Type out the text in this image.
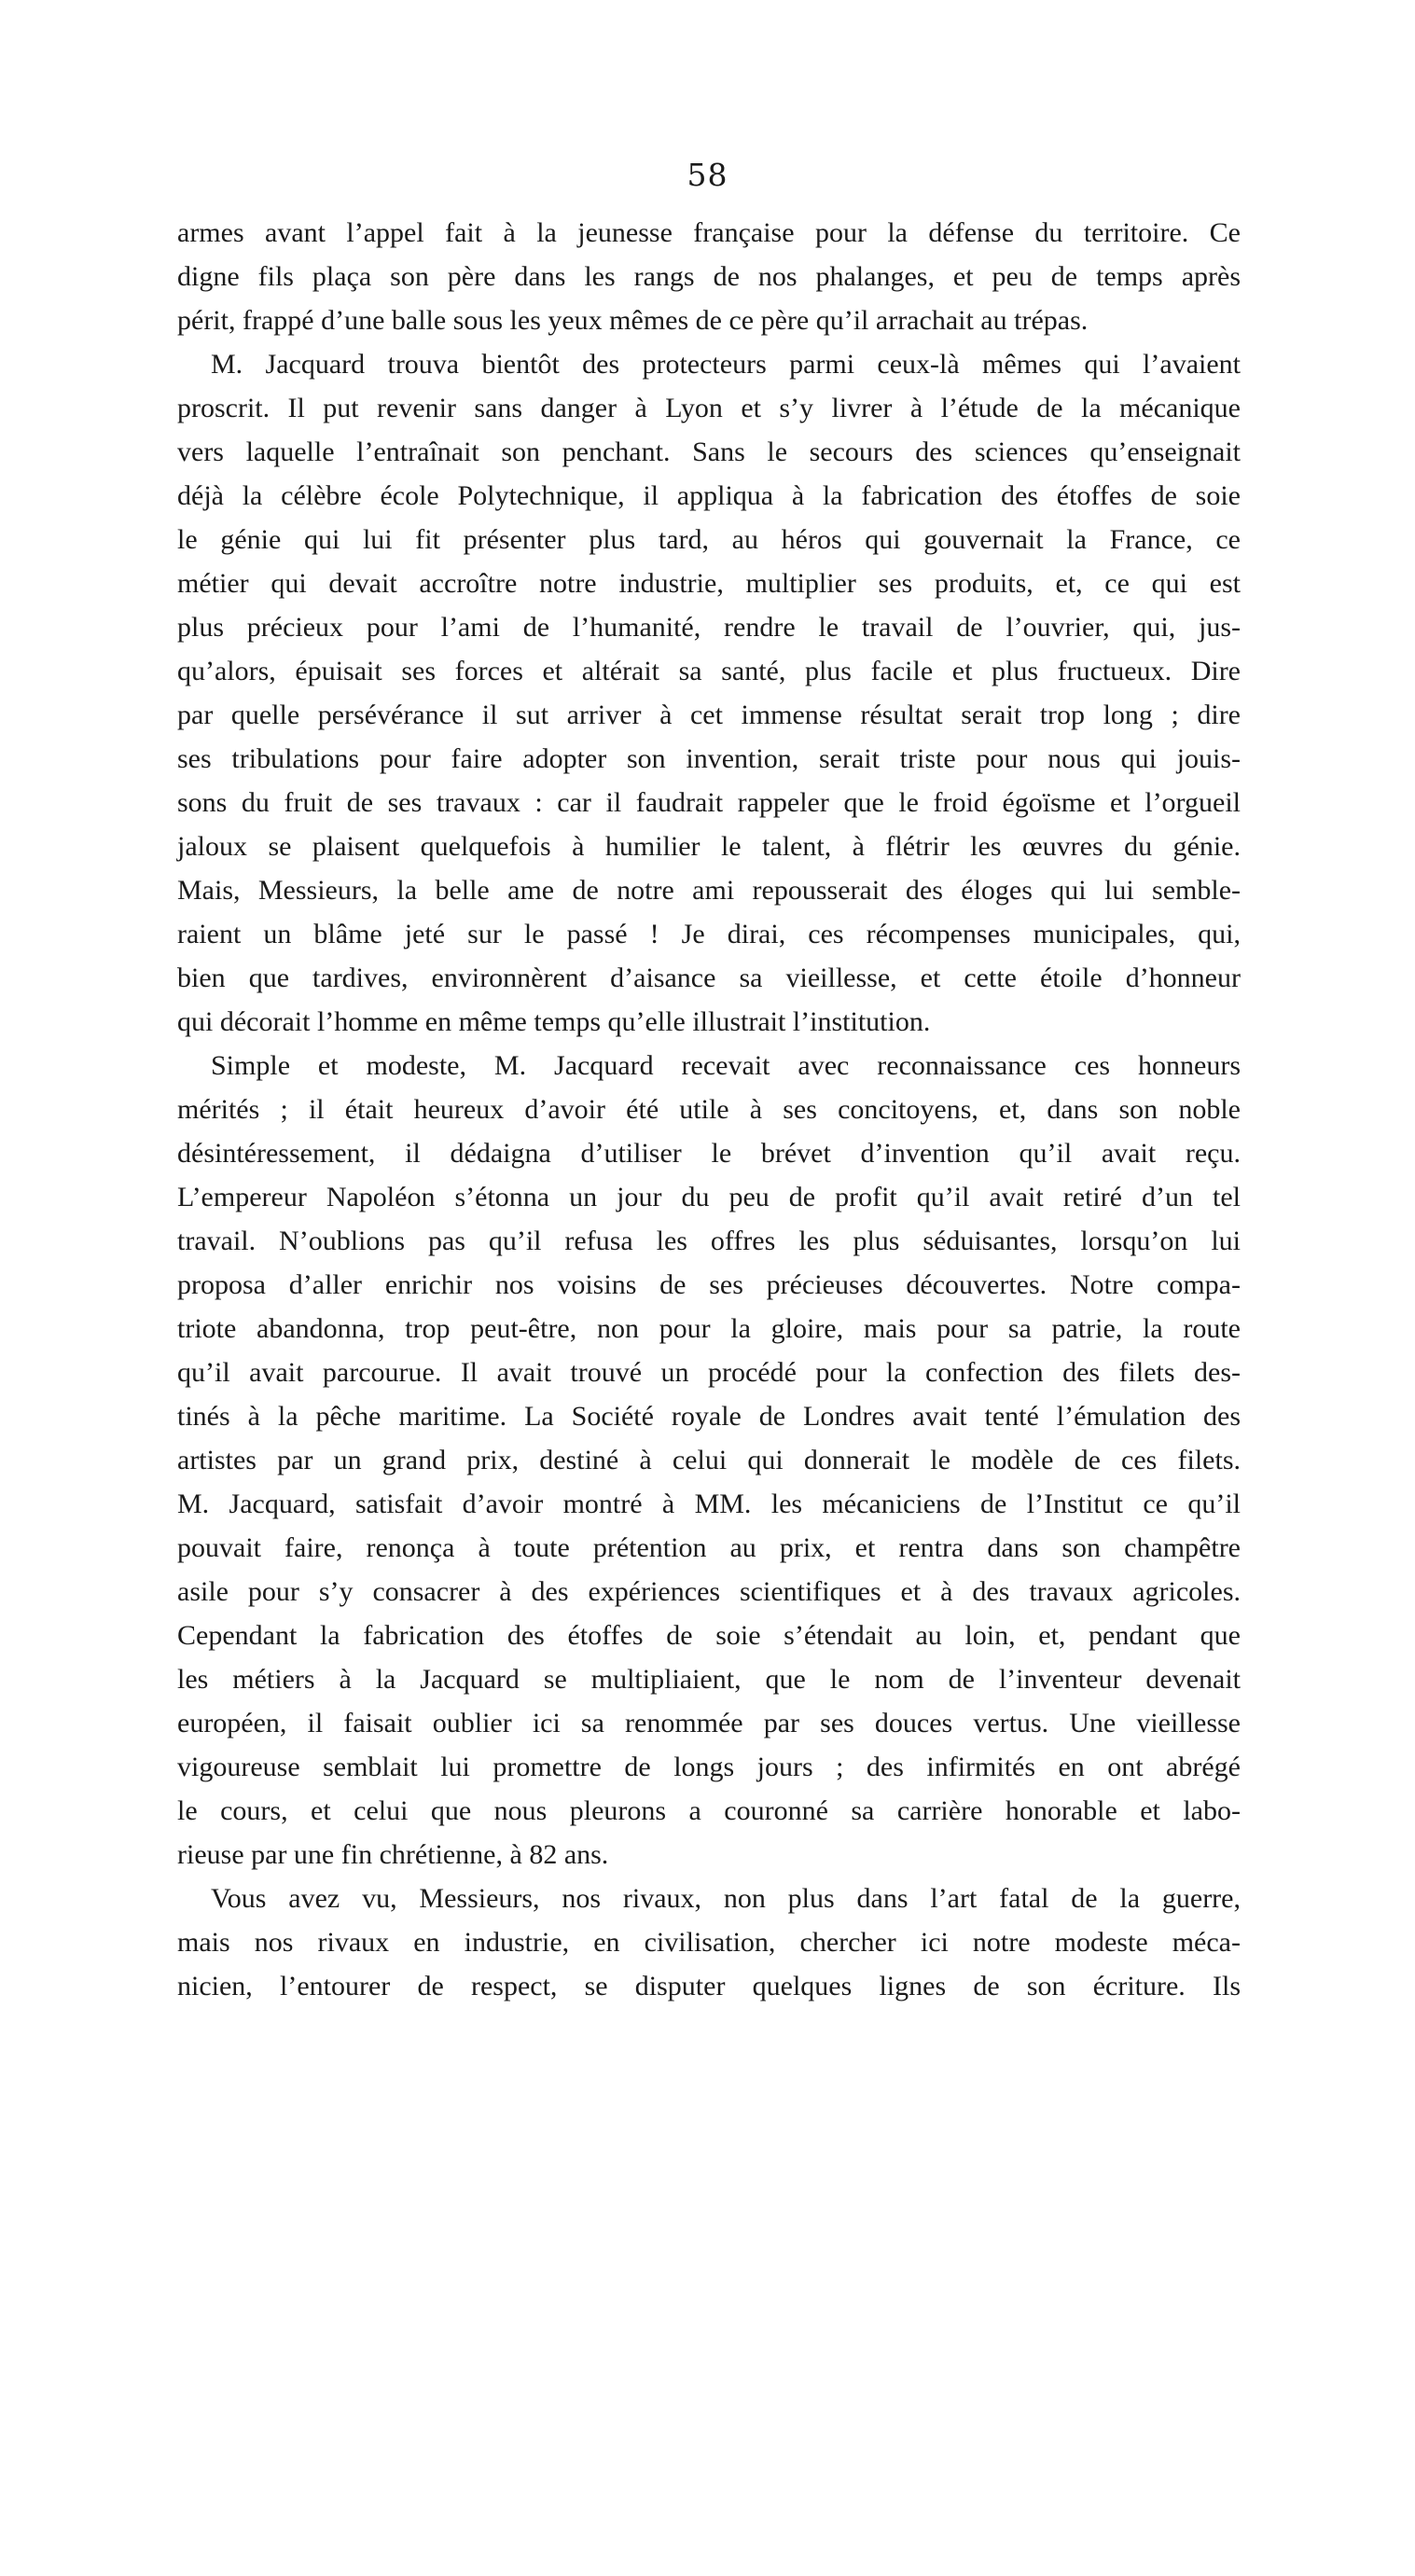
58
armes avant l’appel fait à la jeunesse française pour la défense du territoire. Ce
digne fils plaça son père dans les rangs de nos phalanges, et peu de temps après
périt, frappé d’une balle sous les yeux mêmes de ce père qu’il arrachait au trépas.
M. Jacquard trouva bientôt des protecteurs parmi ceux-là mêmes qui l’avaient
proscrit. Il put revenir sans danger à Lyon et s’y livrer à l’étude de la mécanique
vers laquelle l’entraînait son penchant. Sans le secours des sciences qu’enseignait
déjà la célèbre école Polytechnique, il appliqua à la fabrication des étoffes de soie
le génie qui lui fit présenter plus tard, au héros qui gouvernait la France, ce
métier qui devait accroître notre industrie, multiplier ses produits, et, ce qui est
plus précieux pour l’ami de l’humanité, rendre le travail de l’ouvrier, qui, jus-
qu’alors, épuisait ses forces et altérait sa santé, plus facile et plus fructueux. Dire
par quelle persévérance il sut arriver à cet immense résultat serait trop long ; dire
ses tribulations pour faire adopter son invention, serait triste pour nous qui jouis-
sons du fruit de ses travaux : car il faudrait rappeler que le froid égoïsme et l’orgueil
jaloux se plaisent quelquefois à humilier le talent, à flétrir les œuvres du génie.
Mais, Messieurs, la belle ame de notre ami repousserait des éloges qui lui semble-
raient un blâme jeté sur le passé ! Je dirai, ces récompenses municipales, qui,
bien que tardives, environnèrent d’aisance sa vieillesse, et cette étoile d’honneur
qui décorait l’homme en même temps qu’elle illustrait l’institution.
Simple et modeste, M. Jacquard recevait avec reconnaissance ces honneurs
mérités ; il était heureux d’avoir été utile à ses concitoyens, et, dans son noble
désintéressement, il dédaigna d’utiliser le brévet d’invention qu’il avait reçu.
L’empereur Napoléon s’étonna un jour du peu de profit qu’il avait retiré d’un tel
travail. N’oublions pas qu’il refusa les offres les plus séduisantes, lorsqu’on lui
proposa d’aller enrichir nos voisins de ses précieuses découvertes. Notre compa-
triote abandonna, trop peut-être, non pour la gloire, mais pour sa patrie, la route
qu’il avait parcourue. Il avait trouvé un procédé pour la confection des filets des-
tinés à la pêche maritime. La Société royale de Londres avait tenté l’émulation des
artistes par un grand prix, destiné à celui qui donnerait le modèle de ces filets.
M. Jacquard, satisfait d’avoir montré à MM. les mécaniciens de l’Institut ce qu’il
pouvait faire, renonça à toute prétention au prix, et rentra dans son champêtre
asile pour s’y consacrer à des expériences scientifiques et à des travaux agricoles.
Cependant la fabrication des étoffes de soie s’étendait au loin, et, pendant que
les métiers à la Jacquard se multipliaient, que le nom de l’inventeur devenait
européen, il faisait oublier ici sa renommée par ses douces vertus. Une vieillesse
vigoureuse semblait lui promettre de longs jours ; des infirmités en ont abrégé
le cours, et celui que nous pleurons a couronné sa carrière honorable et labo-
rieuse par une fin chrétienne, à 82 ans.
Vous avez vu, Messieurs, nos rivaux, non plus dans l’art fatal de la guerre,
mais nos rivaux en industrie, en civilisation, chercher ici notre modeste méca-
nicien, l’entourer de respect, se disputer quelques lignes de son écriture. Ils
